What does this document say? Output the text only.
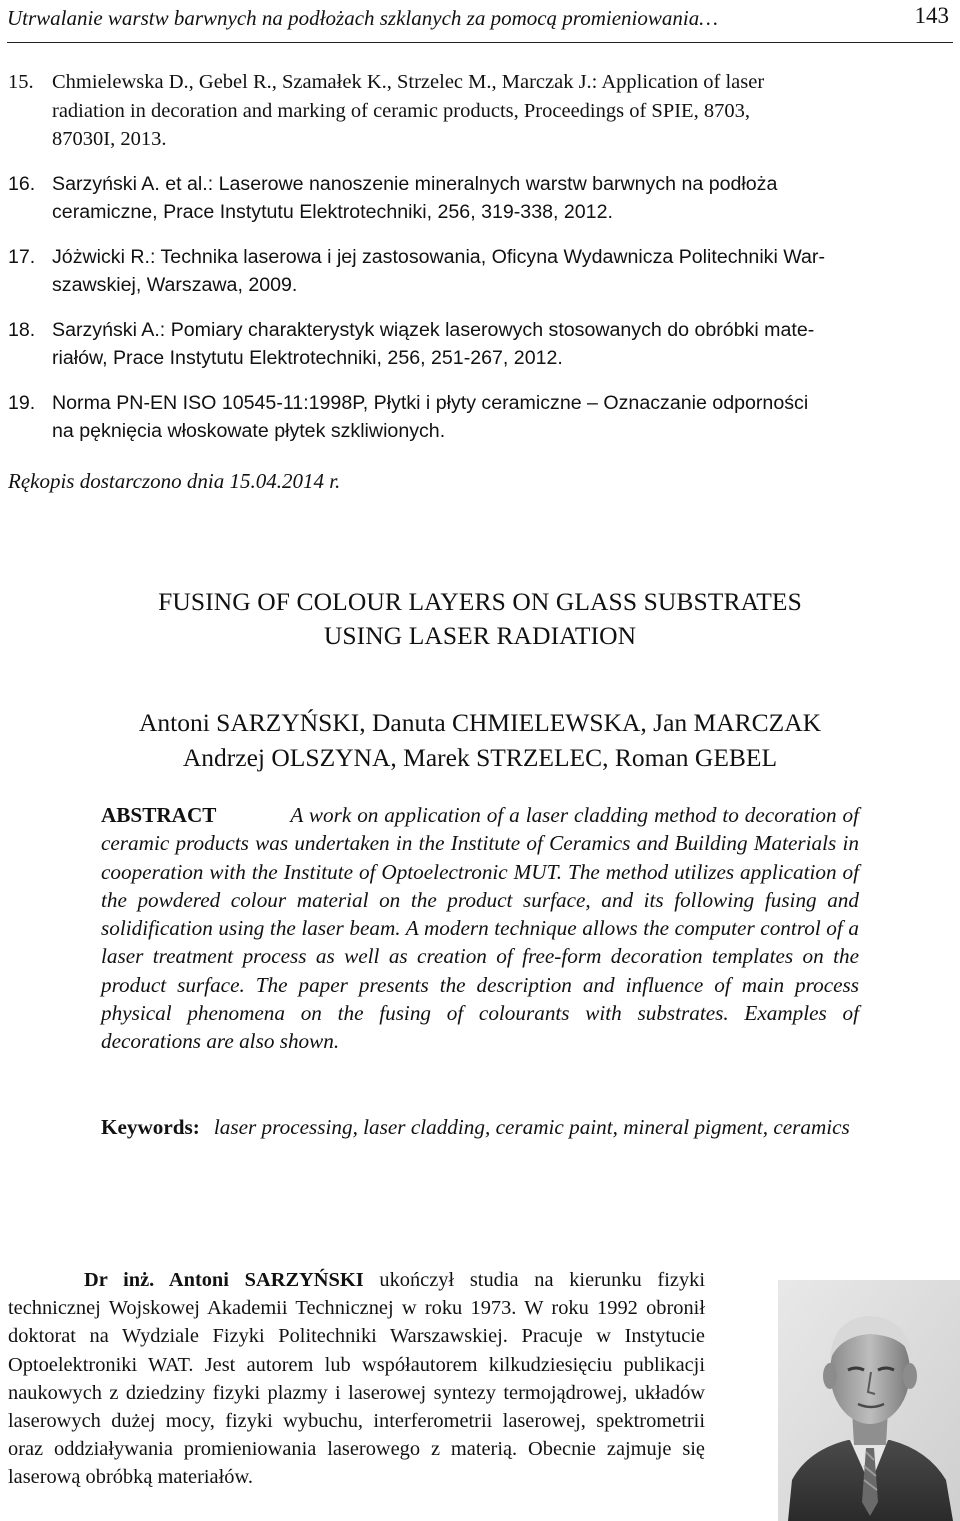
Utrwalanie warstw barwnych na podłożach szklanych za pomocą promieniowania…	143
15. Chmielewska D., Gebel R., Szamałek K., Strzelec M., Marczak J.: Application of laser
radiation in decoration and marking of ceramic products, Proceedings of SPIE, 8703,
87030I, 2013.
16. Sarzyński A. et al.: Laserowe nanoszenie mineralnych warstw barwnych na podłoża
ceramiczne, Prace Instytutu Elektrotechniki, 256, 319-338, 2012.
17. Jóżwicki R.: Technika laserowa i jej zastosowania, Oficyna Wydawnicza Politechniki War-
szawskiej, Warszawa, 2009.
18. Sarzyński A.: Pomiary charakterystyk wiązek laserowych stosowanych do obróbki mate-
riałów, Prace Instytutu Elektrotechniki, 256, 251-267, 2012.
19. Norma PN-EN ISO 10545-11:1998P, Płytki i płyty ceramiczne – Oznaczanie odporności
na pęknięcia włoskowate płytek szkliwionych.
Rękopis dostarczono dnia 15.04.2014 r.
FUSING OF COLOUR LAYERS ON GLASS SUBSTRATES
USING LASER RADIATION
Antoni SARZYŃSKI, Danuta CHMIELEWSKA, Jan MARCZAK
Andrzej OLSZYNA, Marek STRZELEC, Roman GEBEL
ABSTRACT	A work on application of a laser cladding method to decoration of ceramic products was undertaken in the Institute of Ceramics and Building Materials in cooperation with the Institute of Optoelectronic MUT. The method utilizes application of the powdered colour material on the product surface, and its following fusing and solidification using the laser beam. A modern technique allows the computer control of a laser treatment process as well as creation of free-form decoration templates on the product surface. The paper presents the description and influence of main process physical phenomena on the fusing of colourants with substrates. Examples of decorations are also shown.
Keywords: laser processing, laser cladding, ceramic paint, mineral pigment, ceramics
Dr inż. Antoni SARZYŃSKI ukończył studia na kierunku fizyki technicznej Wojskowej Akademii Technicznej w roku 1973. W roku 1992 obronił doktorat na Wydziale Fizyki Politechniki Warszawskiej. Pracuje w Instytucie Optoelektroniki WAT. Jest autorem lub współautorem kilkudziesięciu publikacji naukowych z dziedziny fizyki plazmy i laserowej syntezy termojądrowej, układów laserowych dużej mocy, fizyki wybuchu, interferometrii laserowej, spektrometrii oraz oddziaływania promieniowania laserowego z materią. Obecnie zajmuje się laserową obróbką materiałów.
